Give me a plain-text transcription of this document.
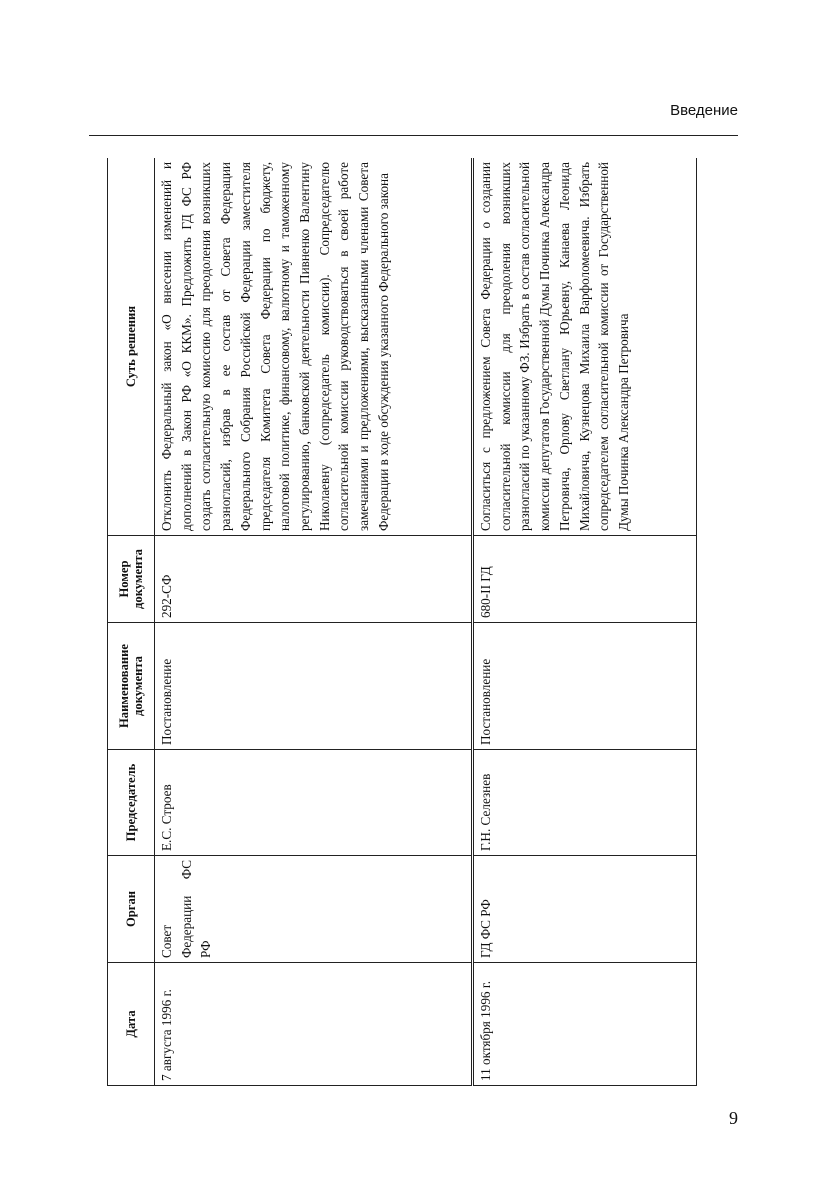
Введение
Дата	Орган	Председатель	Наименование документа	Номер документа	Суть решения
7 августа 1996 г.	Совет Федерации ФС РФ	Е.С. Строев	Постановление	292-СФ	Отклонить Федеральный закон «О внесении изменений и дополнений в Закон РФ «О ККМ». Предложить ГД ФС РФ создать согласительную комиссию для преодоления возникших разногласий, избрав в ее состав от Совета Федерации Федерального Собрания Российской Федерации заместителя председателя Комитета Совета Федерации по бюджету, налоговой политике, финансовому, валютному и таможенному регулированию, банковской деятельности Пивненко Валентину Николаевну (сопредседатель комиссии). Сопредседателю согласительной комиссии руководствоваться в своей работе замечаниями и предложениями, высказанными членами Совета Федерации в ходе обсуждения указанного Федерального закона
11 октября 1996 г.	ГД ФС РФ	Г.Н. Селезнев	Постановление	680-II ГД	Согласиться с предложением Совета Федерации о создании согласительной комиссии для преодоления возникших разногласий по указанному ФЗ. Избрать в состав согласительной комиссии депутатов Государственной Думы Починка Александра Петровича, Орлову Светлану Юрьевну, Канаева Леонида Михайловича, Кузнецова Михаила Варфоломеевича. Избрать сопредседателем согласительной комиссии от Государственной Думы Починка Александра Петровича
9
